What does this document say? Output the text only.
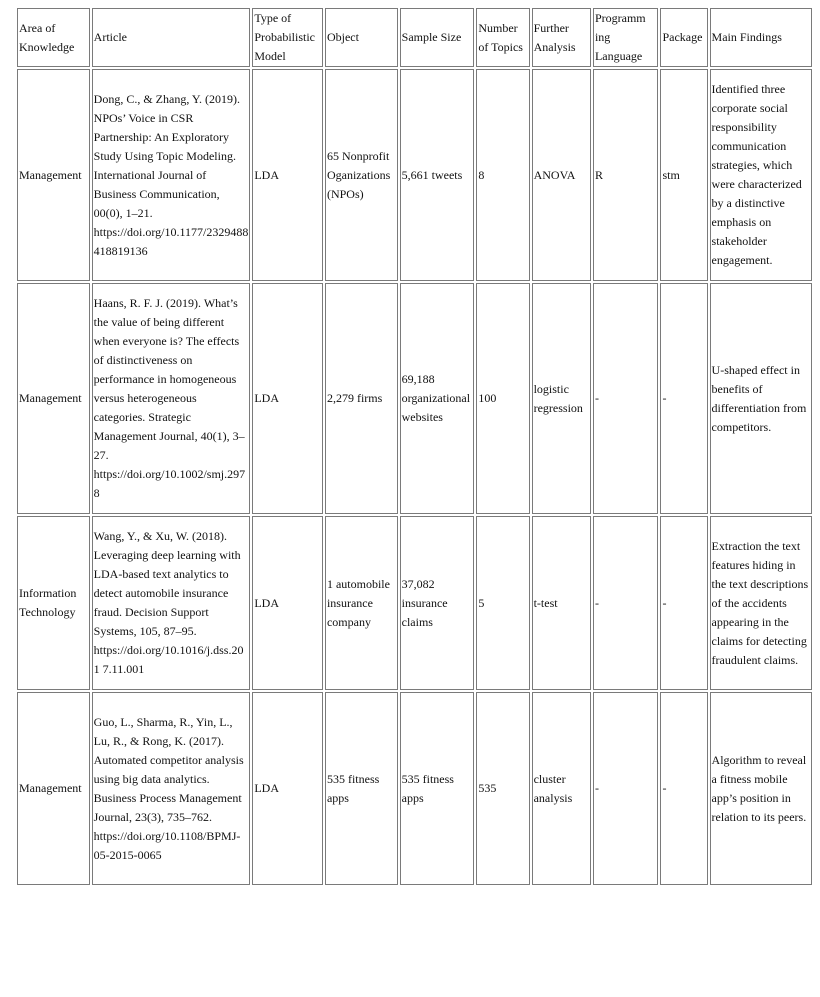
Area of Knowledge	Article	Type of Probabilistic Model	Object	Sample Size	Number of Topics	Further Analysis	Programm ing Language	Package	Main Findings
Management	Dong, C., & Zhang, Y. (2019). NPOs’ Voice in CSR Partnership: An Exploratory Study Using Topic Modeling. International Journal of Business Communication, 00(0), 1–21. https://doi.org/10.1177/2329488 418819136	LDA	65 Nonprofit Oganizations (NPOs)	5,661 tweets	8	ANOVA	R	stm	Identified three corporate social responsibility communication strategies, which were characterized by a distinctive emphasis on stakeholder engagement.
Management	Haans, R. F. J. (2019). What’s the value of being different when everyone is? The effects of distinctiveness on performance in homogeneous versus heterogeneous categories. Strategic Management Journal, 40(1), 3–27. https://doi.org/10.1002/smj.2978	LDA	2,279 firms	69,188 organizational websites	100	logistic regression	-	-	U-shaped effect in benefits of differentiation from competitors.
Information Technology	Wang, Y., & Xu, W. (2018). Leveraging deep learning with LDA-based text analytics to detect automobile insurance fraud. Decision Support Systems, 105, 87–95. https://doi.org/10.1016/j.dss.201 7.11.001	LDA	1 automobile insurance company	37,082 insurance claims	5	t-test	-	-	Extraction the text features hiding in the text descriptions of the accidents appearing in the claims for detecting fraudulent claims.
Management	Guo, L., Sharma, R., Yin, L., Lu, R., & Rong, K. (2017). Automated competitor analysis using big data analytics. Business Process Management Journal, 23(3), 735–762. https://doi.org/10.1108/BPMJ- 05-2015-0065	LDA	535 fitness apps	535 fitness apps	535	cluster analysis	-	-	Algorithm to reveal a fitness mobile app’s position in relation to its peers.
